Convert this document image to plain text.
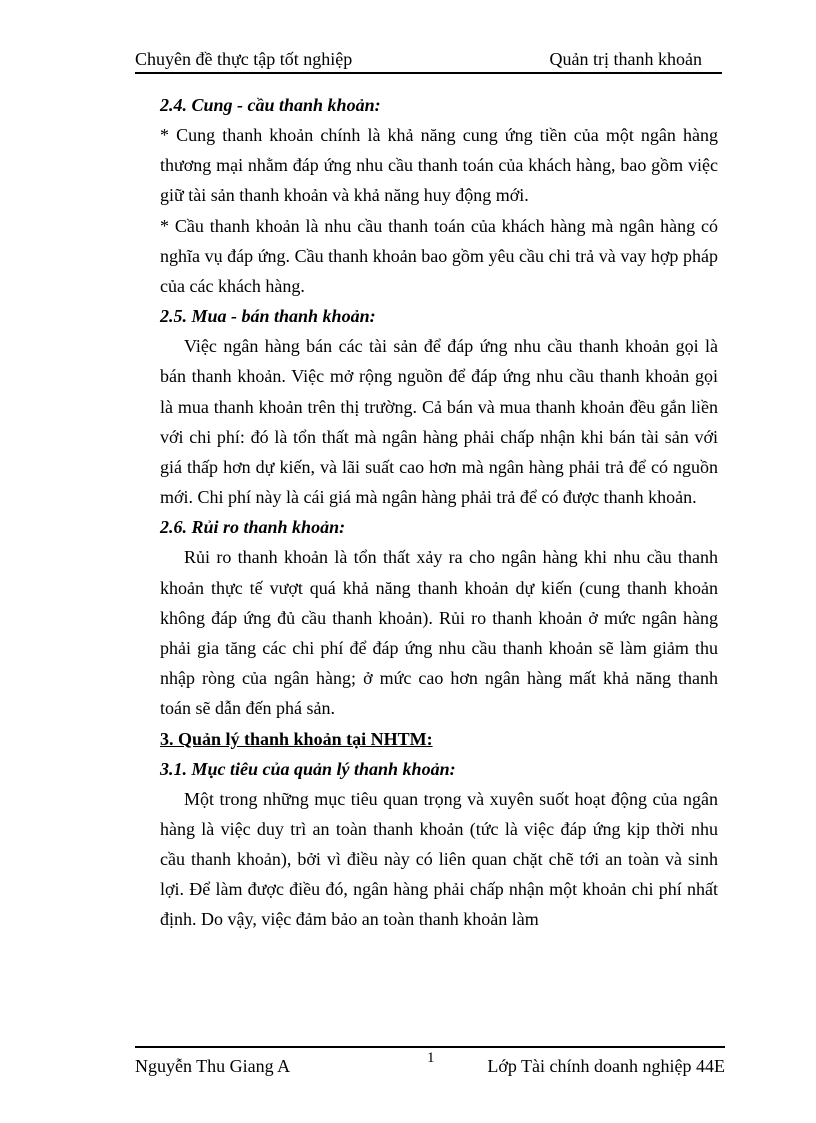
Chuyên đề thực tập tốt nghiệp	Quản trị thanh khoản
2.4. Cung - cầu thanh khoản:

* Cung thanh khoản chính là khả năng cung ứng tiền của một ngân hàng thương mại nhằm đáp ứng nhu cầu thanh toán của khách hàng, bao gồm việc giữ tài sản thanh khoản và khả năng huy động mới.

* Cầu thanh khoản là nhu cầu thanh toán của khách hàng mà ngân hàng có nghĩa vụ đáp ứng. Cầu thanh khoản bao gồm yêu cầu chi trả và vay hợp pháp của các khách hàng.

2.5. Mua - bán thanh khoản:

Việc ngân hàng bán các tài sản để đáp ứng nhu cầu thanh khoản gọi là bán thanh khoản. Việc mở rộng nguồn để đáp ứng nhu cầu thanh khoản gọi là mua thanh khoản trên thị trường. Cả bán và mua thanh khoản đều gắn liền với chi phí: đó là tổn thất mà ngân hàng phải chấp nhận khi bán tài sản với giá thấp hơn dự kiến, và lãi suất cao hơn mà ngân hàng phải trả để có nguồn mới. Chi phí này là cái giá mà ngân hàng phải trả để có được thanh khoản.

2.6. Rủi ro thanh khoản:

Rủi ro thanh khoản là tổn thất xảy ra cho ngân hàng khi nhu cầu thanh khoản thực tế vượt quá khả năng thanh khoản dự kiến (cung thanh khoản không đáp ứng đủ cầu thanh khoản). Rủi ro thanh khoản ở mức ngân hàng phải gia tăng các chi phí để đáp ứng nhu cầu thanh khoản sẽ làm giảm thu nhập ròng của ngân hàng; ở mức cao hơn ngân hàng mất khả năng thanh toán sẽ dẫn đến phá sản.

3. Quản lý thanh khoản tại NHTM:
3.1. Mục tiêu của quản lý thanh khoản:

Một trong những mục tiêu quan trọng và xuyên suốt hoạt động của ngân hàng là việc duy trì an toàn thanh khoản (tức là việc đáp ứng kịp thời nhu cầu thanh khoản), bởi vì điều này có liên quan chặt chẽ tới an toàn và sinh lợi. Để làm được điều đó, ngân hàng phải chấp nhận một khoản chi phí nhất định. Do vậy, việc đảm bảo an toàn thanh khoản làm

Nguyễn Thu Giang A	1	Lớp Tài chính doanh nghiệp 44E
